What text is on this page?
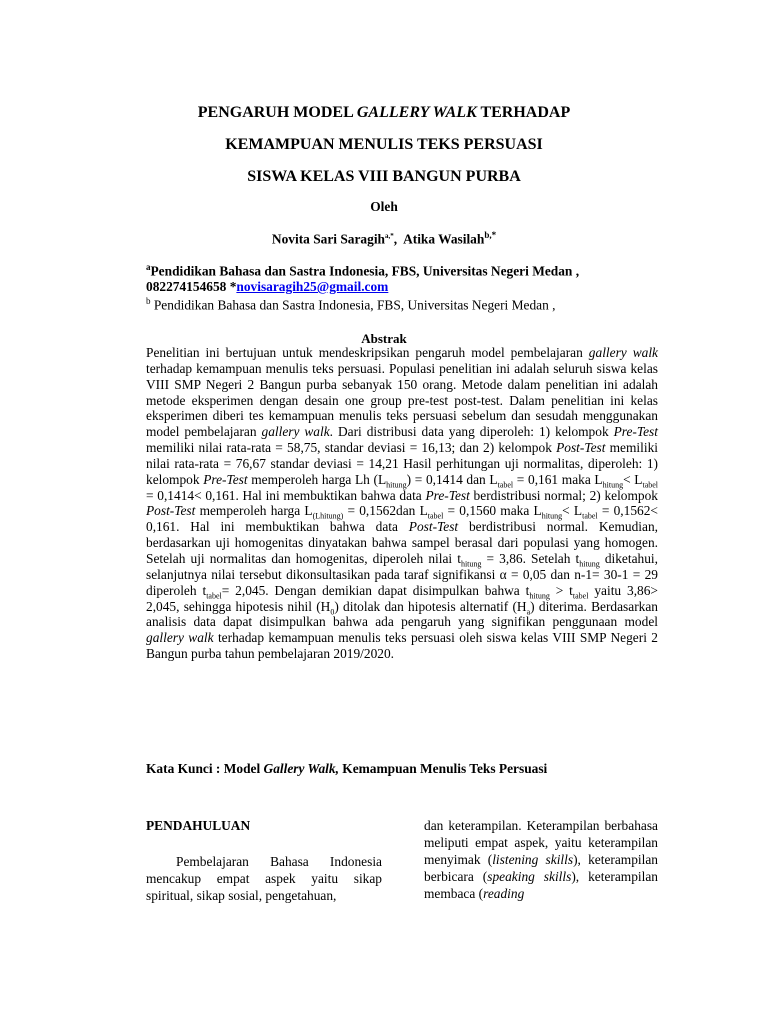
PENGARUH MODEL GALLERY WALK TERHADAP
KEMAMPUAN MENULIS TEKS PERSUASI
SISWA KELAS VIII BANGUN PURBA
Oleh
Novita Sari Saragih$^{a,*}$, Atika Wasilah$^{b,*}$
$^a$Pendidikan Bahasa dan Sastra Indonesia, FBS, Universitas Negeri Medan ,
082274154658 *novisaragih25@gmail.com
$^b$ Pendidikan Bahasa dan Sastra Indonesia, FBS, Universitas Negeri Medan ,
Abstrak
Penelitian ini bertujuan untuk mendeskripsikan pengaruh model pembelajaran gallery walk terhadap kemampuan menulis teks persuasi. Populasi penelitian ini adalah seluruh siswa kelas VIII SMP Negeri 2 Bangun purba sebanyak 150 orang. Metode dalam penelitian ini adalah metode eksperimen dengan desain one group pre-test post-test. Dalam penelitian ini kelas eksperimen diberi tes kemampuan menulis teks persuasi sebelum dan sesudah menggunakan model pembelajaran gallery walk. Dari distribusi data yang diperoleh: 1) kelompok Pre-Test memiliki nilai rata-rata = 58,75, standar deviasi = 16,13; dan 2) kelompok Post-Test memiliki nilai rata-rata = 76,67 standar deviasi = 14,21 Hasil perhitungan uji normalitas, diperoleh: 1) kelompok Pre-Test memperoleh harga Lh $(L_{hitung}) = 0,1414$ dan $L_{tabel} = 0,161$ maka $L_{hitung}< L_{tabel} = 0,1414< 0,161$. Hal ini membuktikan bahwa data Pre-Test berdistribusi normal; 2) kelompok Post-Test memperoleh harga $L_{(Lhitung)} = 0,1562dan$ $L_{tabel} = 0,1560$ maka $L_{hitung}< L_{tabel} = 0,1562< 0,161$. Hal ini membuktikan bahwa data Post-Test berdistribusi normal. Kemudian, berdasarkan uji homogenitas dinyatakan bahwa sampel berasal dari populasi yang homogen. Setelah uji normalitas dan homogenitas, diperoleh nilai $t_{hitung} = 3,86$. Setelah $t_{hitung}$ diketahui, selanjutnya nilai tersebut dikonsultasikan pada taraf signifikansi α = 0,05 dan n-1= 30-1 = 29 diperoleh $t_{tabel}= 2,045$. Dengan demikian dapat disimpulkan bahwa $t_{hitung} > t_{tabel}$ yaitu 3,86> 2,045, sehingga hipotesis nihil $(H_0)$ ditolak dan hipotesis alternatif $(H_a)$ diterima. Berdasarkan analisis data dapat disimpulkan bahwa ada pengaruh yang signifikan penggunaan model gallery walk terhadap kemampuan menulis teks persuasi oleh siswa kelas VIII SMP Negeri 2 Bangun purba tahun pembelajaran 2019/2020.
Kata Kunci : Model Gallery Walk, Kemampuan Menulis Teks Persuasi
PENDAHULUAN
Pembelajaran Bahasa Indonesia mencakup empat aspek yaitu sikap spiritual, sikap sosial, pengetahuan,
dan keterampilan. Keterampilan berbahasa meliputi empat aspek, yaitu keterampilan menyimak (listening skills), keterampilan berbicara (speaking skills), keterampilan membaca (reading
